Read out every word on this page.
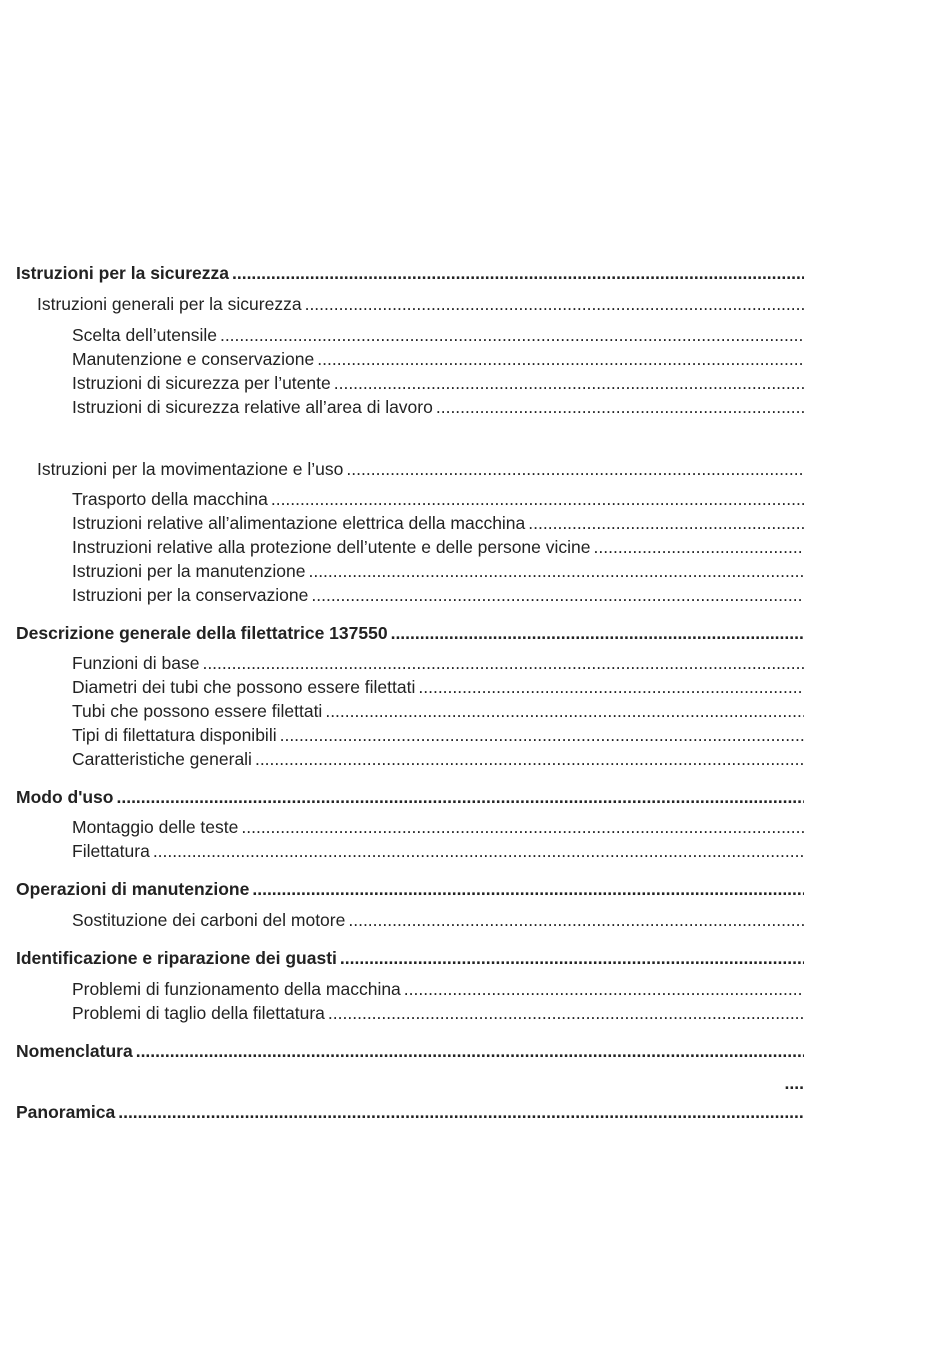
Istruzioni per la sicurezza
.....
Istruzioni generali per la sicurezza
.....
Scelta dell’utensile
.....
Manutenzione e conservazione
.....
Istruzioni di sicurezza per l’utente
.....
Istruzioni di sicurezza relative all’area di lavoro
.....
Istruzioni per la movimentazione e l’uso
.....
Trasporto della macchina
.....
Istruzioni relative all’alimentazione elettrica della macchina
.....
Instruzioni relative alla protezione dell’utente e delle persone vicine
.....
Istruzioni per la manutenzione
.....
Istruzioni per la conservazione
.....
Descrizione generale della filettatrice 137550
.....
Funzioni di base
.....
Diametri dei tubi che possono essere filettati
.....
Tubi che possono essere filettati
.....
Tipi di filettatura disponibili
.....
Caratteristiche generali
.....
Modo d'uso
.....
Montaggio delle teste
.....
Filettatura
.....
Operazioni di manutenzione
.....
Sostituzione dei carboni del motore
.....
Identificazione e riparazione dei guasti
.....
Problemi di funzionamento della macchina
.....
Problemi di taglio della filettatura
.....
Nomenclatura
.....
....
Panoramica
.....
